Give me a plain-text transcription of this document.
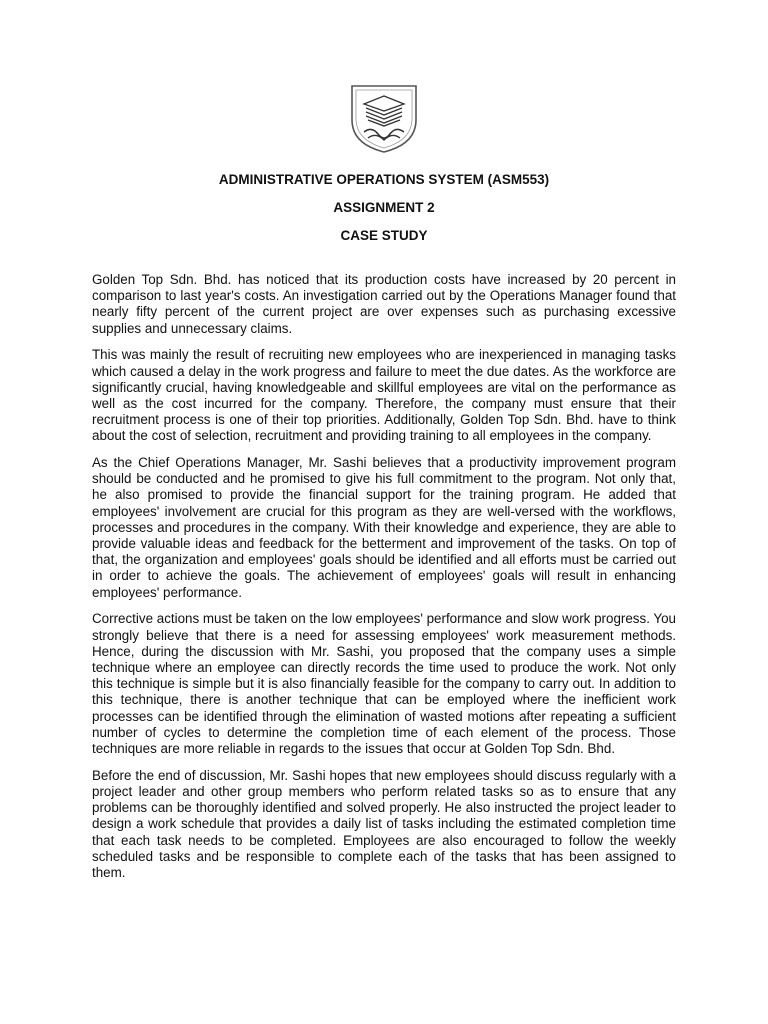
ADMINISTRATIVE OPERATIONS SYSTEM (ASM553)
ASSIGNMENT 2
CASE STUDY

Golden Top Sdn. Bhd. has noticed that its production costs have increased by 20 percent in comparison to last year's costs. An investigation carried out by the Operations Manager found that nearly fifty percent of the current project are over expenses such as purchasing excessive supplies and unnecessary claims.

This was mainly the result of recruiting new employees who are inexperienced in managing tasks which caused a delay in the work progress and failure to meet the due dates. As the workforce are significantly crucial, having knowledgeable and skillful employees are vital on the performance as well as the cost incurred for the company. Therefore, the company must ensure that their recruitment process is one of their top priorities. Additionally, Golden Top Sdn. Bhd. have to think about the cost of selection, recruitment and providing training to all employees in the company.

As the Chief Operations Manager, Mr. Sashi believes that a productivity improvement program should be conducted and he promised to give his full commitment to the program. Not only that, he also promised to provide the financial support for the training program. He added that employees' involvement are crucial for this program as they are well-versed with the workflows, processes and procedures in the company. With their knowledge and experience, they are able to provide valuable ideas and feedback for the betterment and improvement of the tasks. On top of that, the organization and employees' goals should be identified and all efforts must be carried out in order to achieve the goals. The achievement of employees' goals will result in enhancing employees' performance.

Corrective actions must be taken on the low employees' performance and slow work progress. You strongly believe that there is a need for assessing employees' work measurement methods. Hence, during the discussion with Mr. Sashi, you proposed that the company uses a simple technique where an employee can directly records the time used to produce the work. Not only this technique is simple but it is also financially feasible for the company to carry out. In addition to this technique, there is another technique that can be employed where the inefficient work processes can be identified through the elimination of wasted motions after repeating a sufficient number of cycles to determine the completion time of each element of the process. Those techniques are more reliable in regards to the issues that occur at Golden Top Sdn. Bhd.

Before the end of discussion, Mr. Sashi hopes that new employees should discuss regularly with a project leader and other group members who perform related tasks so as to ensure that any problems can be thoroughly identified and solved properly. He also instructed the project leader to design a work schedule that provides a daily list of tasks including the estimated completion time that each task needs to be completed. Employees are also encouraged to follow the weekly scheduled tasks and be responsible to complete each of the tasks that has been assigned to them.
